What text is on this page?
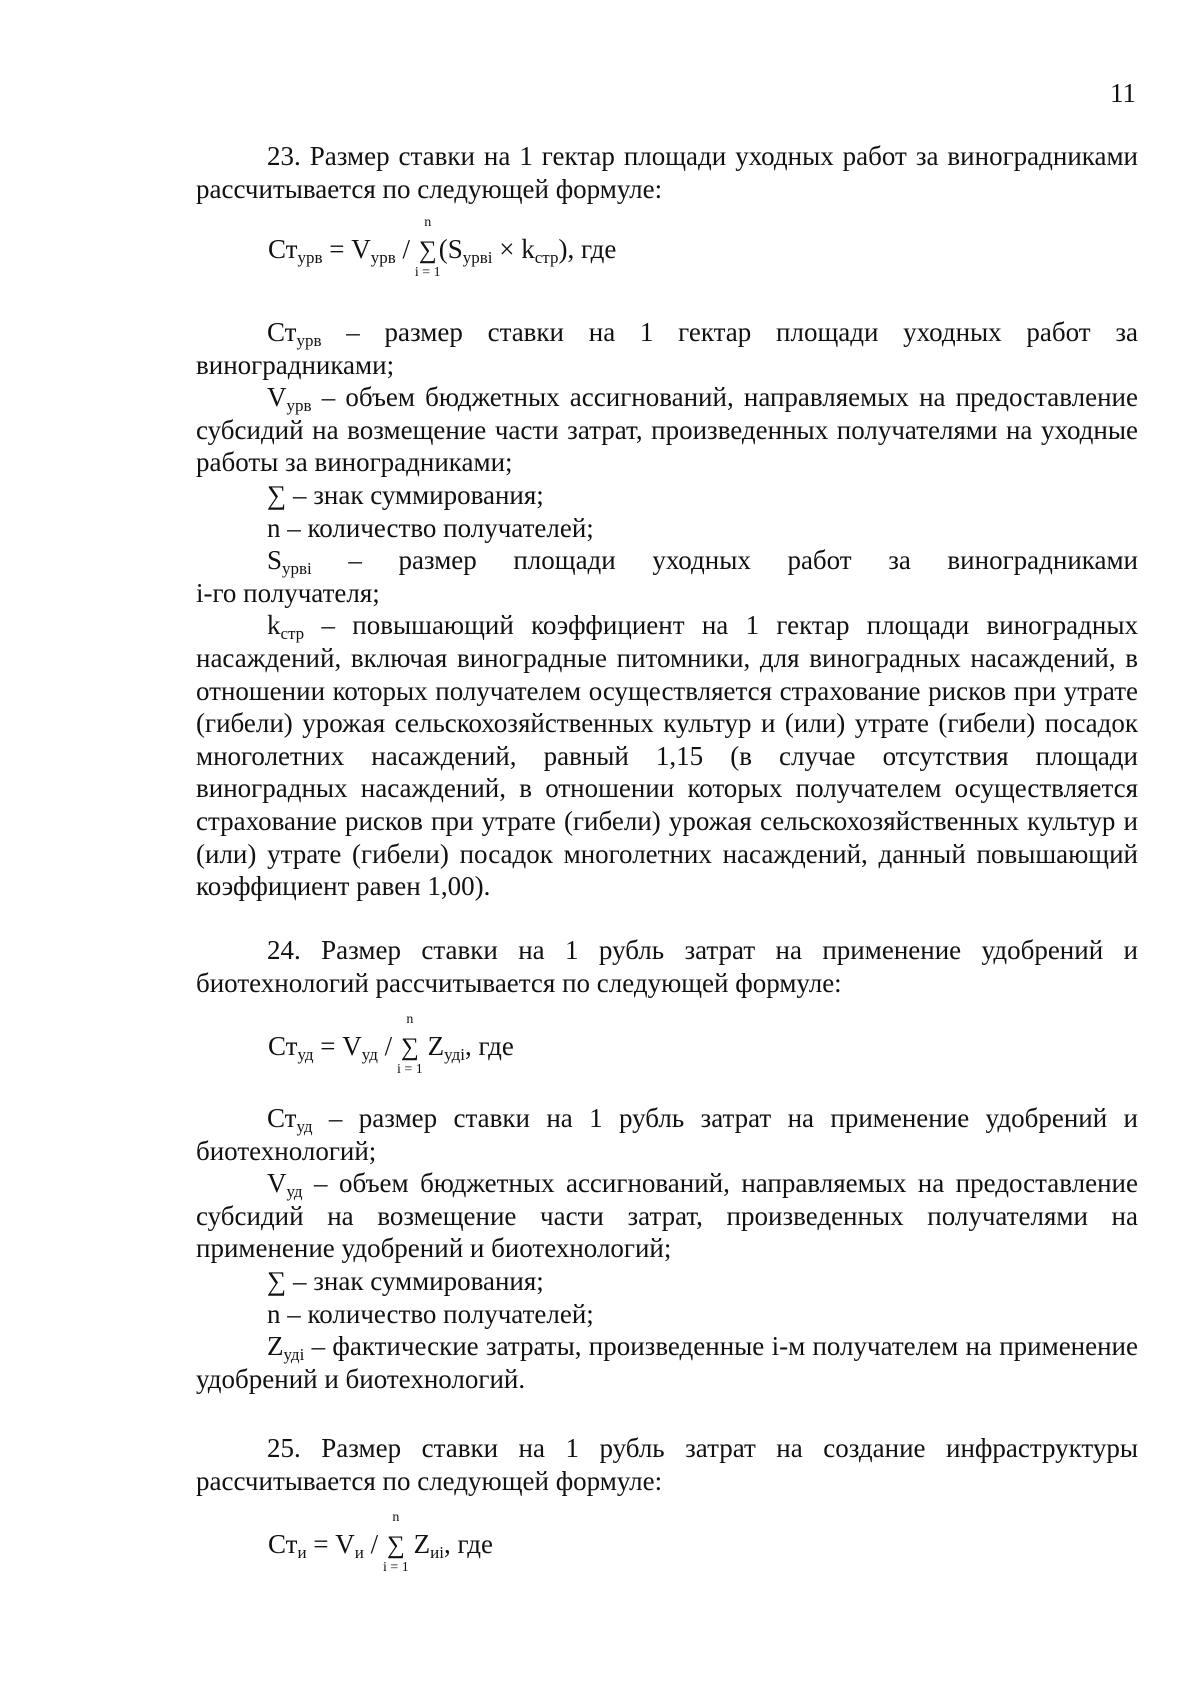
11

23. Размер ставки на 1 гектар площади уходных работ за виноградниками рассчитывается по следующей формуле:

$Ст_{урв} = V_{урв}$ / ∑
n
i = 1
$(S_{урвi} \times k_{стр})$, где

$Ст_{урв}$ – размер ставки на 1 гектар площади уходных работ за виноградниками;

$V_{урв}$ – объем бюджетных ассигнований, направляемых на предоставление субсидий на возмещение части затрат, произведенных получателями на уходные работы за виноградниками;

∑ – знак суммирования;
n – количество получателей;
$S_{урвi}$ – размер площади уходных работ за виноградниками
i-го получателя;

$k_{стр}$ – повышающий коэффициент на 1 гектар площади виноградных насаждений, включая виноградные питомники, для виноградных насаждений, в отношении которых получателем осуществляется страхование рисков при утрате (гибели) урожая сельскохозяйственных культур и (или) утрате (гибели) посадок многолетних насаждений, равный 1,15 (в случае отсутствия площади виноградных насаждений, в отношении которых получателем осуществляется страхование рисков при утрате (гибели) урожая сельскохозяйственных культур и (или) утрате (гибели) посадок многолетних насаждений, данный повышающий коэффициент равен 1,00).

24. Размер ставки на 1 рубль затрат на применение удобрений и биотехнологий рассчитывается по следующей формуле:

$Ст_{уд} = V_{уд}$ / ∑
n
i = 1
$Z_{удi}$, где

$Ст_{уд}$ – размер ставки на 1 рубль затрат на применение удобрений и биотехнологий;

$V_{уд}$ – объем бюджетных ассигнований, направляемых на предоставление субсидий на возмещение части затрат, произведенных получателями на применение удобрений и биотехнологий;

∑ – знак суммирования;
n – количество получателей;

$Z_{удi}$ – фактические затраты, произведенные i-м получателем на применение удобрений и биотехнологий.

25. Размер ставки на 1 рубль затрат на создание инфраструктуры рассчитывается по следующей формуле:

$Ст_и = V_и$ / ∑
n
i = 1
$Z_{иi}$, где
